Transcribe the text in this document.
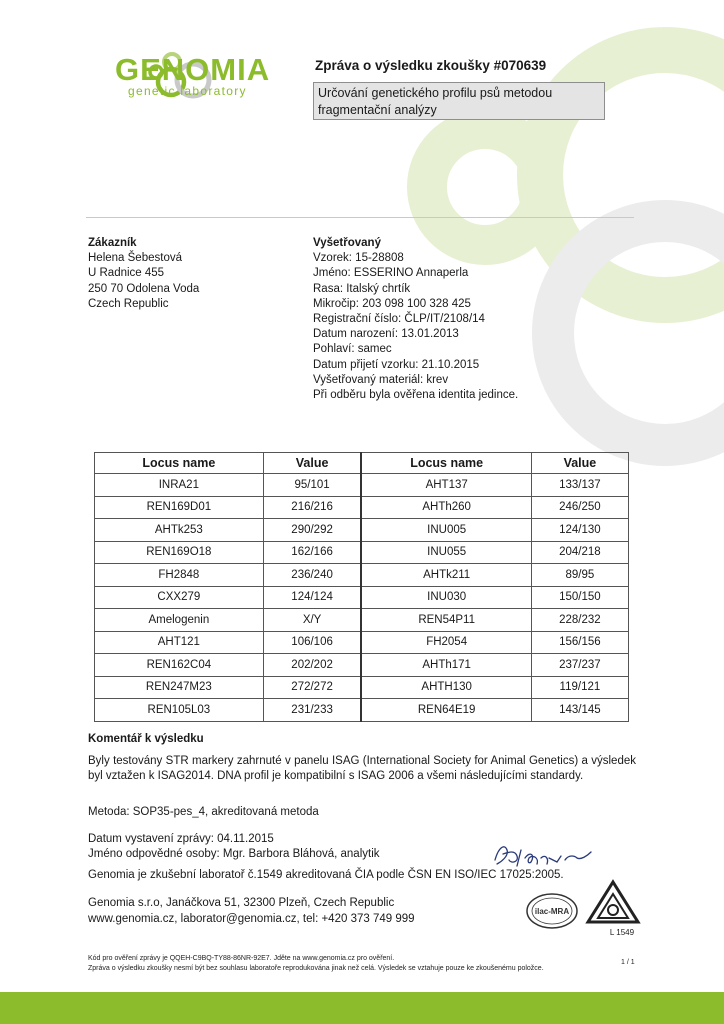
GENOMIA
genetic laboratory
Zpráva o výsledku zkoušky #070639
Určování genetického profilu psů metodou fragmentační analýzy
Zákazník
Helena Šebestová
U Radnice 455
250 70 Odolena Voda
Czech Republic
Vyšetřovaný
Vzorek: 15-28808
Jméno: ESSERINO Annaperla
Rasa: Italský chrtík
Mikročip: 203 098 100 328 425
Registrační číslo: ČLP/IT/2108/14
Datum narození: 13.01.2013
Pohlaví: samec
Datum přijetí vzorku: 21.10.2015
Vyšetřovaný materiál: krev
Při odběru byla ověřena identita jedince.
Locus name	Value	Locus name	Value
INRA21	95/101	AHT137	133/137
REN169D01	216/216	AHTh260	246/250
AHTk253	290/292	INU005	124/130
REN169O18	162/166	INU055	204/218
FH2848	236/240	AHTk211	89/95
CXX279	124/124	INU030	150/150
Amelogenin	X/Y	REN54P11	228/232
AHT121	106/106	FH2054	156/156
REN162C04	202/202	AHTh171	237/237
REN247M23	272/272	AHTH130	119/121
REN105L03	231/233	REN64E19	143/145
Komentář k výsledku
Byly testovány STR markery zahrnuté v panelu ISAG (International Society for Animal Genetics) a výsledek byl vztažen k ISAG2014. DNA profil je kompatibilní s ISAG 2006 a všemi následujícími standardy.
Metoda: SOP35-pes_4, akreditovaná metoda
Datum vystavení zprávy: 04.11.2015
Jméno odpovědné osoby: Mgr. Barbora Bláhová, analytik
Genomia je zkušební laboratoř č.1549 akreditovaná ČIA podle ČSN EN ISO/IEC 17025:2005.
Genomia s.r.o, Janáčkova 51, 32300 Plzeň, Czech Republic
www.genomia.cz, laborator@genomia.cz, tel: +420 373 749 999
ilac-MRA
L 1549
Kód pro ověření zprávy je QQEH-C9BQ-TY88-86NR-92E7. Jděte na www.genomia.cz pro ověření.
Zpráva o výsledku zkoušky nesmí být bez souhlasu laboratoře reprodukována jinak než celá. Výsledek se vztahuje pouze ke zkoušenému položce.
1 / 1
